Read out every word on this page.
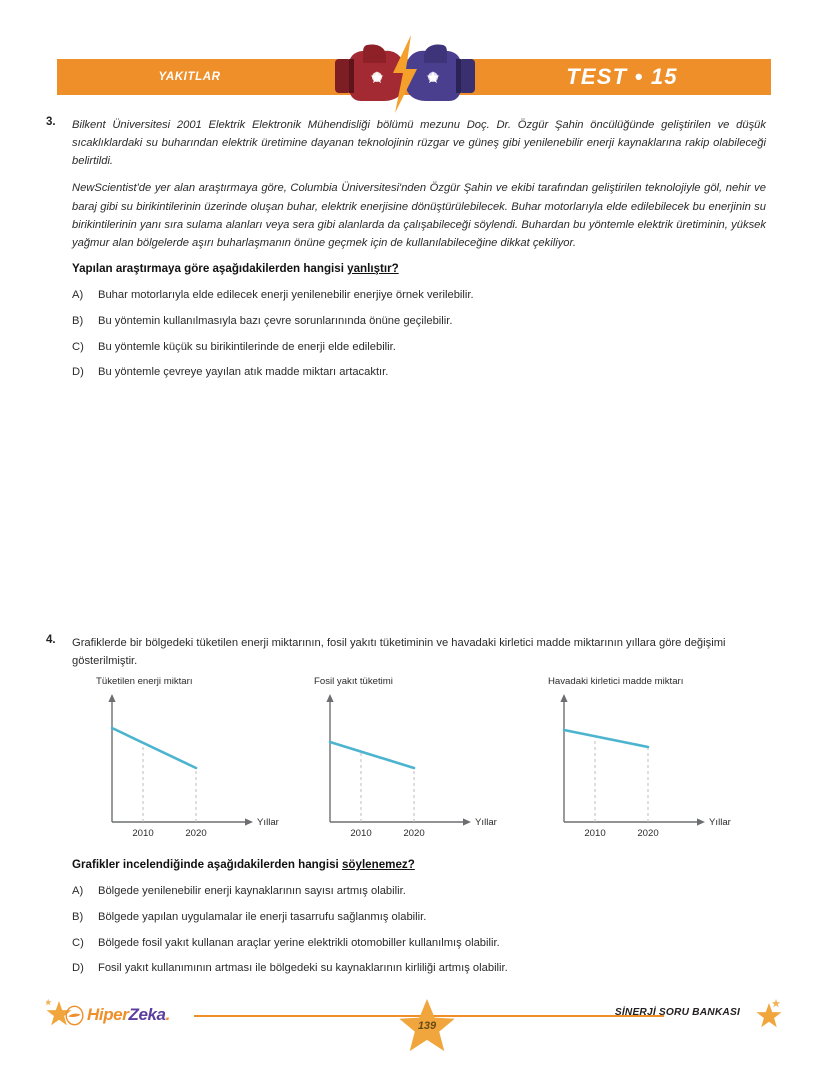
YAKITLAR	TEST • 15
3.	Bilkent Üniversitesi 2001 Elektrik Elektronik Mühendisliği bölümü mezunu Doç. Dr. Özgür Şahin öncülüğünde geliştirilen ve düşük sıcaklıklardaki su buharından elektrik üretimine dayanan teknolojinin rüzgar ve güneş gibi yenilenebilir enerji kaynaklarına rakip olabileceği belirtildi.

NewScientist'de yer alan araştırmaya göre, Columbia Üniversitesi'nden Özgür Şahin ve ekibi tarafından geliştirilen teknolojiyle göl, nehir ve baraj gibi su birikintilerinin üzerinde oluşan buhar, elektrik enerjisine dönüştürülebilecek. Buhar motorlarıyla elde edilebilecek bu enerjinin su birikintilerinin yanı sıra sulama alanları veya sera gibi alanlarda da çalışabileceği söylendi. Buhardan bu yöntemle elektrik üretiminin, yüksek yağmur alan bölgelerde aşırı buharlaşmanın önüne geçmek için de kullanılabileceğine dikkat çekiliyor.

Yapılan araştırmaya göre aşağıdakilerden hangisi yanlıştır?

A)	Buhar motorlarıyla elde edilecek enerji yenilenebilir enerjiye örnek verilebilir.
B)	Bu yöntemin kullanılmasıyla bazı çevre sorunlarınında önüne geçilebilir.
C)	Bu yöntemle küçük su birikintilerinde de enerji elde edilebilir.
D)	Bu yöntemle çevreye yayılan atık madde miktarı artacaktır.
4.	Grafiklerde bir bölgedeki tüketilen enerji miktarının, fosil yakıtı tüketiminin ve havadaki kirletici madde miktarının yıllara göre değişimi gösterilmiştir.

Tüketilen enerji miktarı
2010	2020
Yıllar
Fosil yakıt tüketimi
2010	2020
Yıllar
Havadaki kirletici madde miktarı
2010	2020
Yıllar

Grafikler incelendiğinde aşağıdakilerden hangisi söylenemez?

A)	Bölgede yenilenebilir enerji kaynaklarının sayısı artmış olabilir.
B)	Bölgede yapılan uygulamalar ile enerji tasarrufu sağlanmış olabilir.
C)	Bölgede fosil yakıt kullanan araçlar yerine elektrikli otomobiller kullanılmış olabilir.
D)	Fosil yakıt kullanımının artması ile bölgedeki su kaynaklarının kirliliği artmış olabilir.
Hiper Zeka .
139
SİNERJİ SORU BANKASI
